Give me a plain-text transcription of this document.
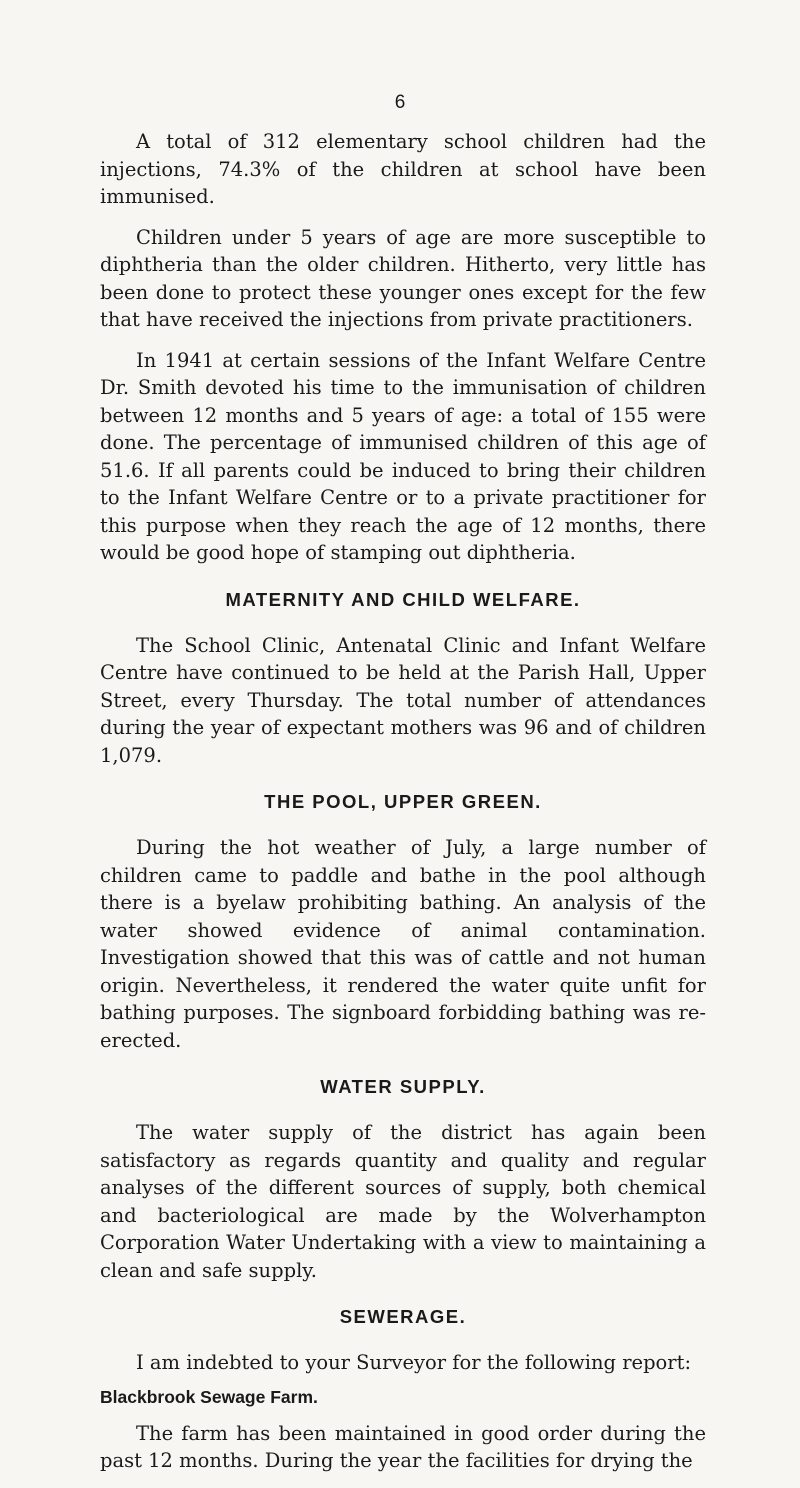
6

A total of 312 elementary school children had the injections, 74.3% of the children at school have been immunised.

Children under 5 years of age are more susceptible to diphtheria than the older children. Hitherto, very little has been done to protect these younger ones except for the few that have received the injections from private practitioners.

In 1941 at certain sessions of the Infant Welfare Centre Dr. Smith devoted his time to the immunisation of children between 12 months and 5 years of age: a total of 155 were done. The percentage of immunised children of this age of 51.6. If all parents could be induced to bring their children to the Infant Welfare Centre or to a private practitioner for this purpose when they reach the age of 12 months, there would be good hope of stamping out diphtheria.

MATERNITY AND CHILD WELFARE.

The School Clinic, Antenatal Clinic and Infant Welfare Centre have continued to be held at the Parish Hall, Upper Street, every Thursday. The total number of attendances during the year of expectant mothers was 96 and of children 1,079.

THE POOL, UPPER GREEN.

During the hot weather of July, a large number of children came to paddle and bathe in the pool although there is a byelaw prohibiting bathing. An analysis of the water showed evidence of animal contamination. Investigation showed that this was of cattle and not human origin. Nevertheless, it rendered the water quite unfit for bathing purposes. The signboard forbidding bathing was re-erected.

WATER SUPPLY.

The water supply of the district has again been satisfactory as regards quantity and quality and regular analyses of the different sources of supply, both chemical and bacteriological are made by the Wolverhampton Corporation Water Undertaking with a view to maintaining a clean and safe supply.

SEWERAGE.

I am indebted to your Surveyor for the following report:

Blackbrook Sewage Farm.

The farm has been maintained in good order during the past 12 months. During the year the facilities for drying the
